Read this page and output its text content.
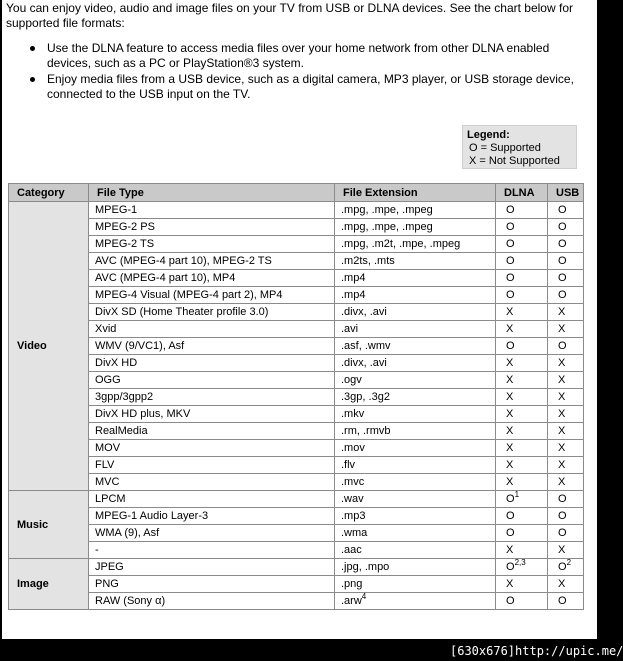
You can enjoy video, audio and image files on your TV from USB or DLNA devices. See the chart below for supported file formats:
Use the DLNA feature to access media files over your home network from other DLNA enabled devices, such as a PC or PlayStation®3 system.
Enjoy media files from a USB device, such as a digital camera, MP3 player, or USB storage device, connected to the USB input on the TV.
Legend:
O = Supported
X = Not Supported
Category	File Type	File Extension	DLNA	USB
Video	MPEG-1	.mpg, .mpe, .mpeg	O	O
	MPEG-2 PS	.mpg, .mpe, .mpeg	O	O
	MPEG-2 TS	.mpg, .m2t, .mpe, .mpeg	O	O
	AVC (MPEG-4 part 10), MPEG-2 TS	.m2ts, .mts	O	O
	AVC (MPEG-4 part 10), MP4	.mp4	O	O
	MPEG-4 Visual (MPEG-4 part 2), MP4	.mp4	O	O
	DivX SD (Home Theater profile 3.0)	.divx, .avi	X	X
	Xvid	.avi	X	X
	WMV (9/VC1), Asf	.asf, .wmv	O	O
	DivX HD	.divx, .avi	X	X
	OGG	.ogv	X	X
	3gpp/3gpp2	.3gp, .3g2	X	X
	DivX HD plus, MKV	.mkv	X	X
	RealMedia	.rm, .rmvb	X	X
	MOV	.mov	X	X
	FLV	.flv	X	X
	MVC	.mvc	X	X
Music	LPCM	.wav	$O^1$	O
	MPEG-1 Audio Layer-3	.mp3	O	O
	WMA (9), Asf	.wma	O	O
	-	.aac	X	X
Image	JPEG	.jpg, .mpo	O$^{2,3}$	$O^2$
	PNG	.png	X	X
	RAW (Sony α)	.arw$^4$	O	O
[630x676]http://upic.me/
